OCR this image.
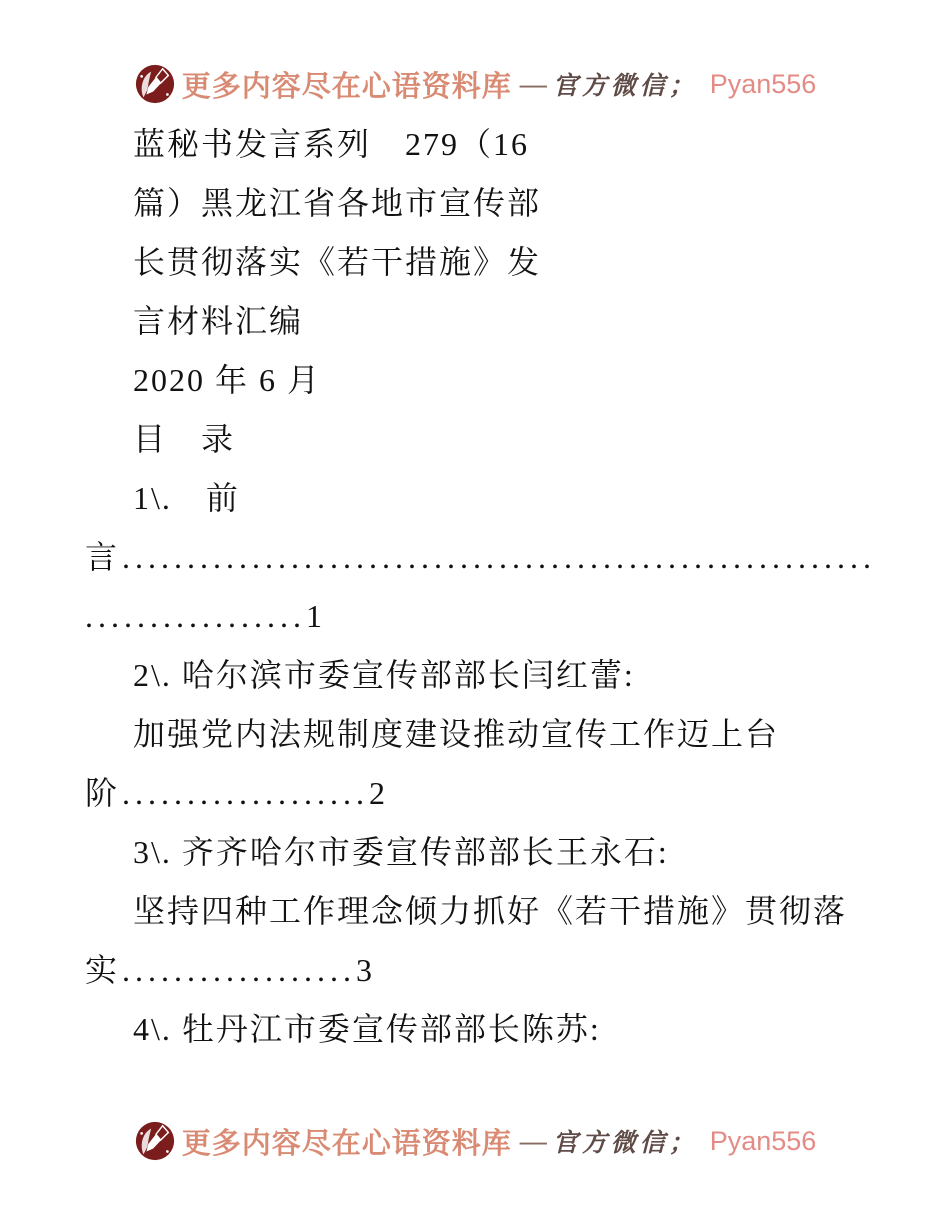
更多内容尽在心语资料库 — 官方微信； Pyan556
蓝秘书发言系列　279（16
篇）黑龙江省各地市宣传部
长贯彻落实《若干措施》发
言材料汇编
2020 年 6 月
目　录
1\.　前
言..........................................................
.................1
2\. 哈尔滨市委宣传部部长闫红蕾:
加强党内法规制度建设推动宣传工作迈上台
阶...................2
3\. 齐齐哈尔市委宣传部部长王永石:
坚持四种工作理念倾力抓好《若干措施》贯彻落
实..................3
4\. 牡丹江市委宣传部部长陈苏:
更多内容尽在心语资料库 — 官方微信； Pyan556
